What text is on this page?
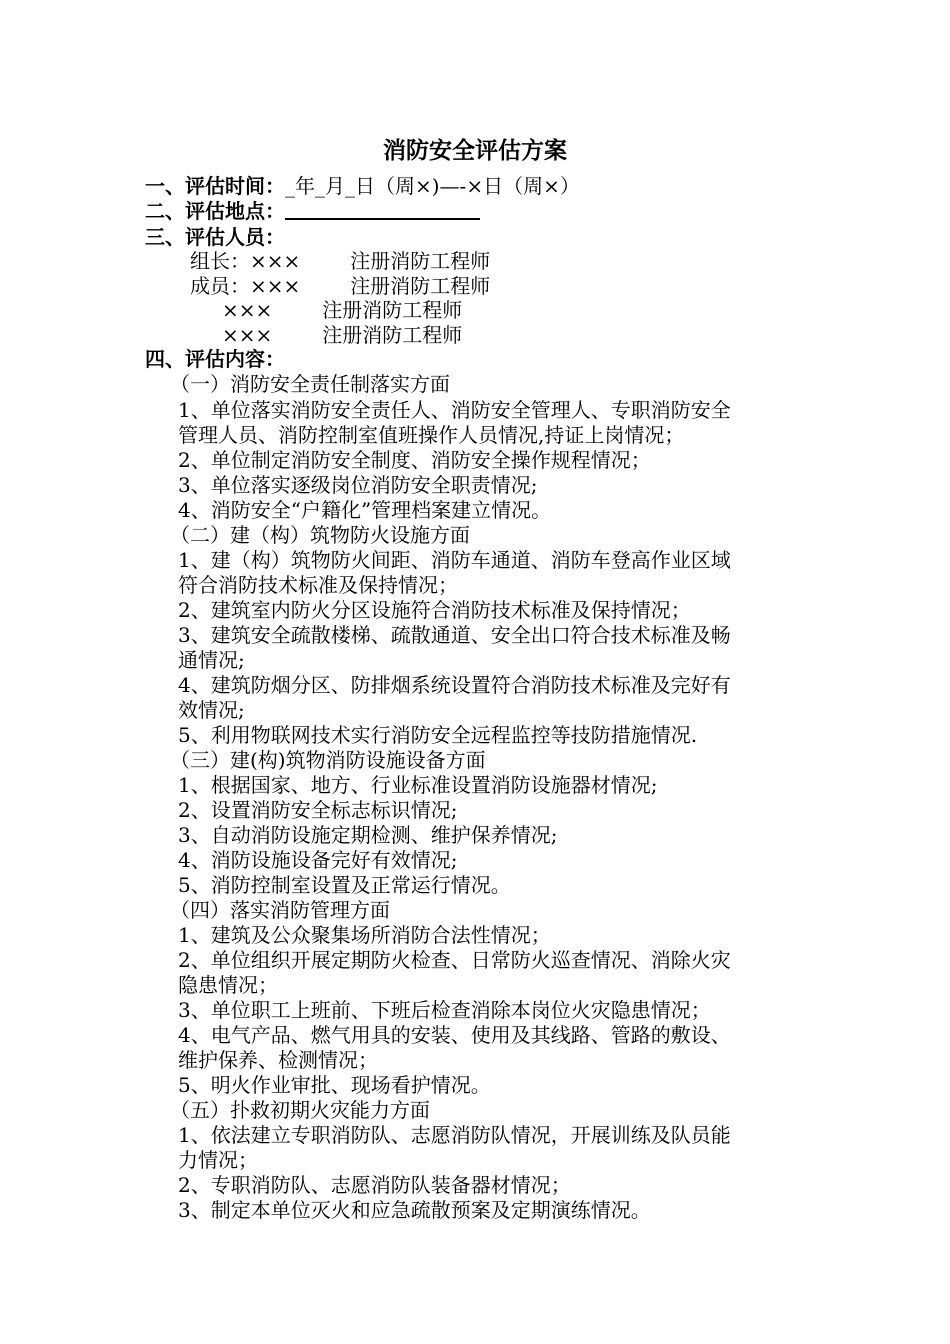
消防安全评估方案
一、评估时间：_年_月_日（周×)—-×日（周×）
二、评估地点：
三、评估人员：
组长：×××	注册消防工程师
成员：×××	注册消防工程师
×××	注册消防工程师
×××	注册消防工程师
四、评估内容：
（一）消防安全责任制落实方面
1、单位落实消防安全责任人、消防安全管理人、专职消防安全
管理人员、消防控制室值班操作人员情况,持证上岗情况；
2、单位制定消防安全制度、消防安全操作规程情况；
3、单位落实逐级岗位消防安全职责情况;
4、消防安全“户籍化”管理档案建立情况。
（二）建（构）筑物防火设施方面
1、建（构）筑物防火间距、消防车通道、消防车登高作业区域
符合消防技术标准及保持情况；
2、建筑室内防火分区设施符合消防技术标准及保持情况；
3、建筑安全疏散楼梯、疏散通道、安全出口符合技术标准及畅
通情况;
4、建筑防烟分区、防排烟系统设置符合消防技术标准及完好有
效情况;
5、利用物联网技术实行消防安全远程监控等技防措施情况.
（三）建(构)筑物消防设施设备方面
1、根据国家、地方、行业标准设置消防设施器材情况;
2、设置消防安全标志标识情况;
3、自动消防设施定期检测、维护保养情况;
4、消防设施设备完好有效情况;
5、消防控制室设置及正常运行情况。
（四）落实消防管理方面
1、建筑及公众聚集场所消防合法性情况；
2、单位组织开展定期防火检查、日常防火巡查情况、消除火灾
隐患情况；
3、单位职工上班前、下班后检查消除本岗位火灾隐患情况；
4、电气产品、燃气用具的安装、使用及其线路、管路的敷设、
维护保养、检测情况；
5、明火作业审批、现场看护情况。
（五）扑救初期火灾能力方面
1、依法建立专职消防队、志愿消防队情况，开展训练及队员能
力情况；
2、专职消防队、志愿消防队装备器材情况；
3、制定本单位灭火和应急疏散预案及定期演练情况。
